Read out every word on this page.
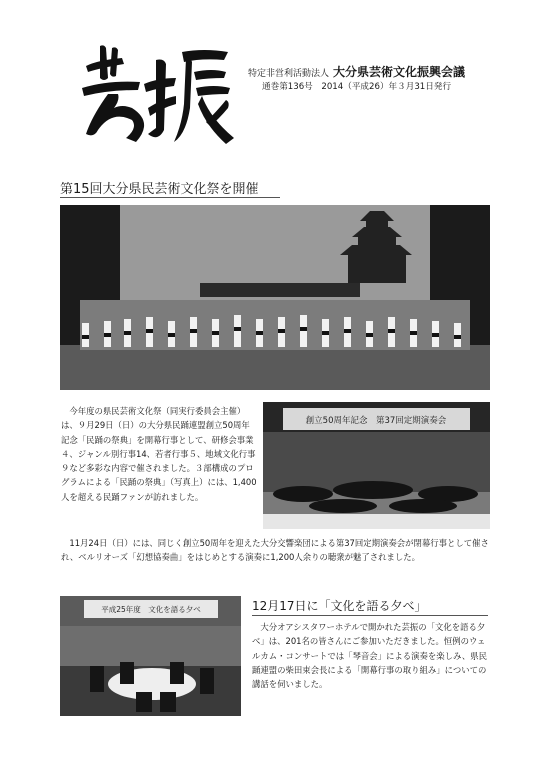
特定非営利活動法人 大分県芸術文化振興会議
通巻第136号　2014（平成26）年３月31日発行
第15回大分県民芸術文化祭を開催

今年度の県民芸術文化祭（同実行委員会主催）は、９月29日（日）の大分県民踊連盟創立50周年記念「民踊の祭典」を開幕行事として、研修会事業４、ジャンル別行事14、若者行事５、地域文化行事９など多彩な内容で催されました。３部構成のプログラムによる「民踊の祭典」（写真上）には、1,400人を超える民踊ファンが訪れました。

創立50周年記念　第37回定期演奏会

11月24日（日）には、同じく創立50周年を迎えた大分交響楽団による第37回定期演奏会が閉幕行事として催され、ベルリオーズ「幻想協奏曲」をはじめとする演奏に1,200人余りの聴衆が魅了されました。

平成25年度　文化を語る夕べ	12月17日に「文化を語る夕べ」

大分オアシスタワーホテルで開かれた芸振の「文化を語る夕べ」は、201名の皆さんにご参加いただきました。恒例のウェルカム・コンサートでは「琴音会」による演奏を楽しみ、県民踊連盟の柴田束会長による「開幕行事の取り組み」についての講話を伺いました。
